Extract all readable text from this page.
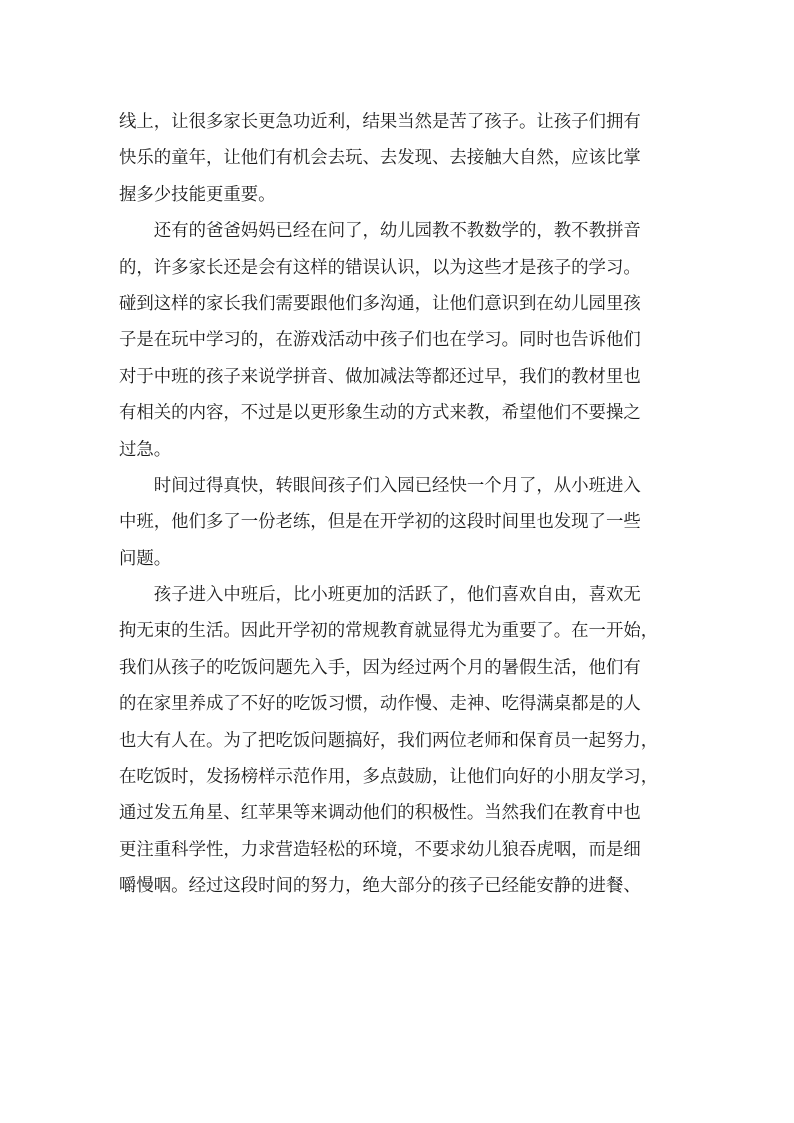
线上，让很多家长更急功近利，结果当然是苦了孩子。让孩子们拥有
快乐的童年，让他们有机会去玩、去发现、去接触大自然，应该比掌
握多少技能更重要。
还有的爸爸妈妈已经在问了，幼儿园教不教数学的，教不教拼音
的，许多家长还是会有这样的错误认识，以为这些才是孩子的学习。
碰到这样的家长我们需要跟他们多沟通，让他们意识到在幼儿园里孩
子是在玩中学习的，在游戏活动中孩子们也在学习。同时也告诉他们
对于中班的孩子来说学拼音、做加减法等都还过早，我们的教材里也
有相关的内容，不过是以更形象生动的方式来教，希望他们不要操之
过急。
时间过得真快，转眼间孩子们入园已经快一个月了，从小班进入
中班，他们多了一份老练，但是在开学初的这段时间里也发现了一些
问题。
孩子进入中班后，比小班更加的活跃了，他们喜欢自由，喜欢无
拘无束的生活。因此开学初的常规教育就显得尤为重要了。在一开始，
我们从孩子的吃饭问题先入手，因为经过两个月的暑假生活，他们有
的在家里养成了不好的吃饭习惯，动作慢、走神、吃得满桌都是的人
也大有人在。为了把吃饭问题搞好，我们两位老师和保育员一起努力，
在吃饭时，发扬榜样示范作用，多点鼓励，让他们向好的小朋友学习，
通过发五角星、红苹果等来调动他们的积极性。当然我们在教育中也
更注重科学性，力求营造轻松的环境，不要求幼儿狼吞虎咽，而是细
嚼慢咽。经过这段时间的努力，绝大部分的孩子已经能安静的进餐、
